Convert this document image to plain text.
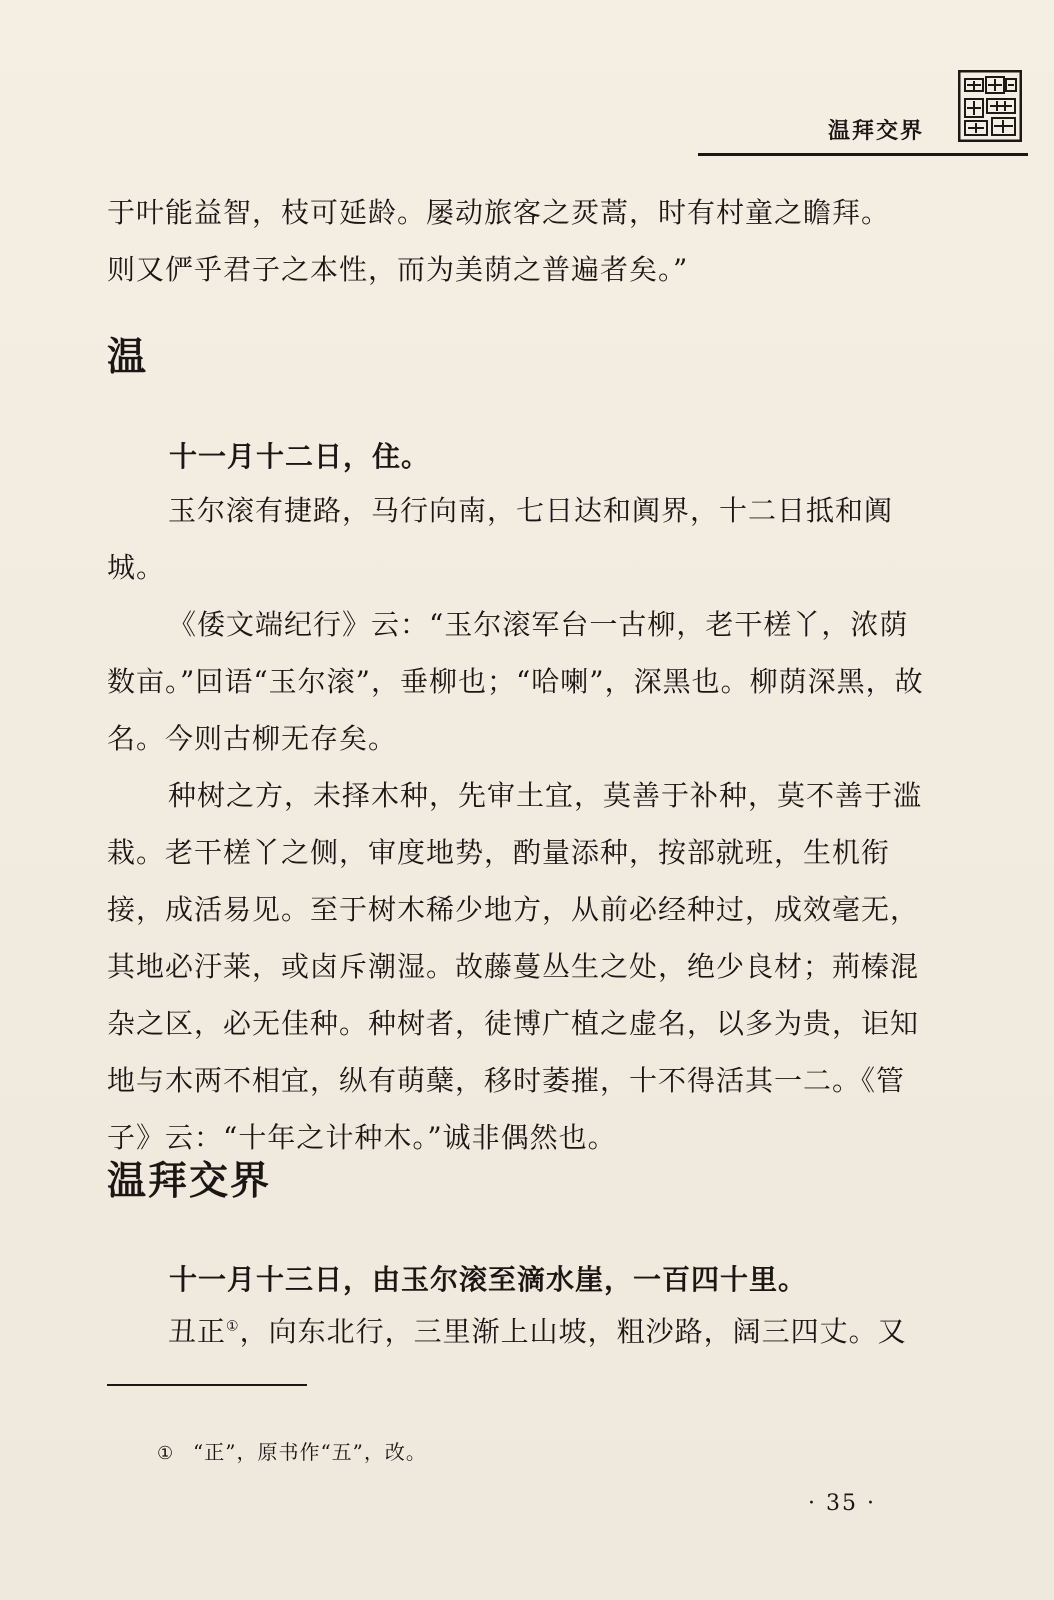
温拜交界

于叶能益智，枝可延龄。屡动旅客之烎蒿，时有村童之瞻拜。

则又俨乎君子之本性，而为美荫之普遍者矣。”

温
十一月十二日，住。

玉尔滚有捷路，马行向南，七日达和阗界，十二日抵和阗城。

《倭文端纪行》云：“玉尔滚军台一古柳，老干槎丫，浓荫数亩。”回语“玉尔滚”，垂柳也；“哈喇”，深黑也。柳荫深黑，故名。今则古柳无存矣。

种树之方，未择木种，先审土宜，莫善于补种，莫不善于滥栽。老干槎丫之侧，审度地势，酌量添种，按部就班，生机衔接，成活易见。至于树木稀少地方，从前必经种过，成效毫无，其地必汙莱，或卤斥潮湿。故藤蔓丛生之处，绝少良材；荊榛混杂之区，必无佳种。种树者，徒博广植之虚名，以多为贵，讵知地与木两不相宜，纵有萌蘖，移时萎摧，十不得活其一二。《管子》云：“十年之计种木。”诚非偶然也。

温拜交界
十一月十三日，由玉尔滚至滴水崖，一百四十里。

丑正①，向东北行，三里渐上山坡，粗沙路，阔三四丈。又

① “正”，原书作“五”，改。
· 35 ·
